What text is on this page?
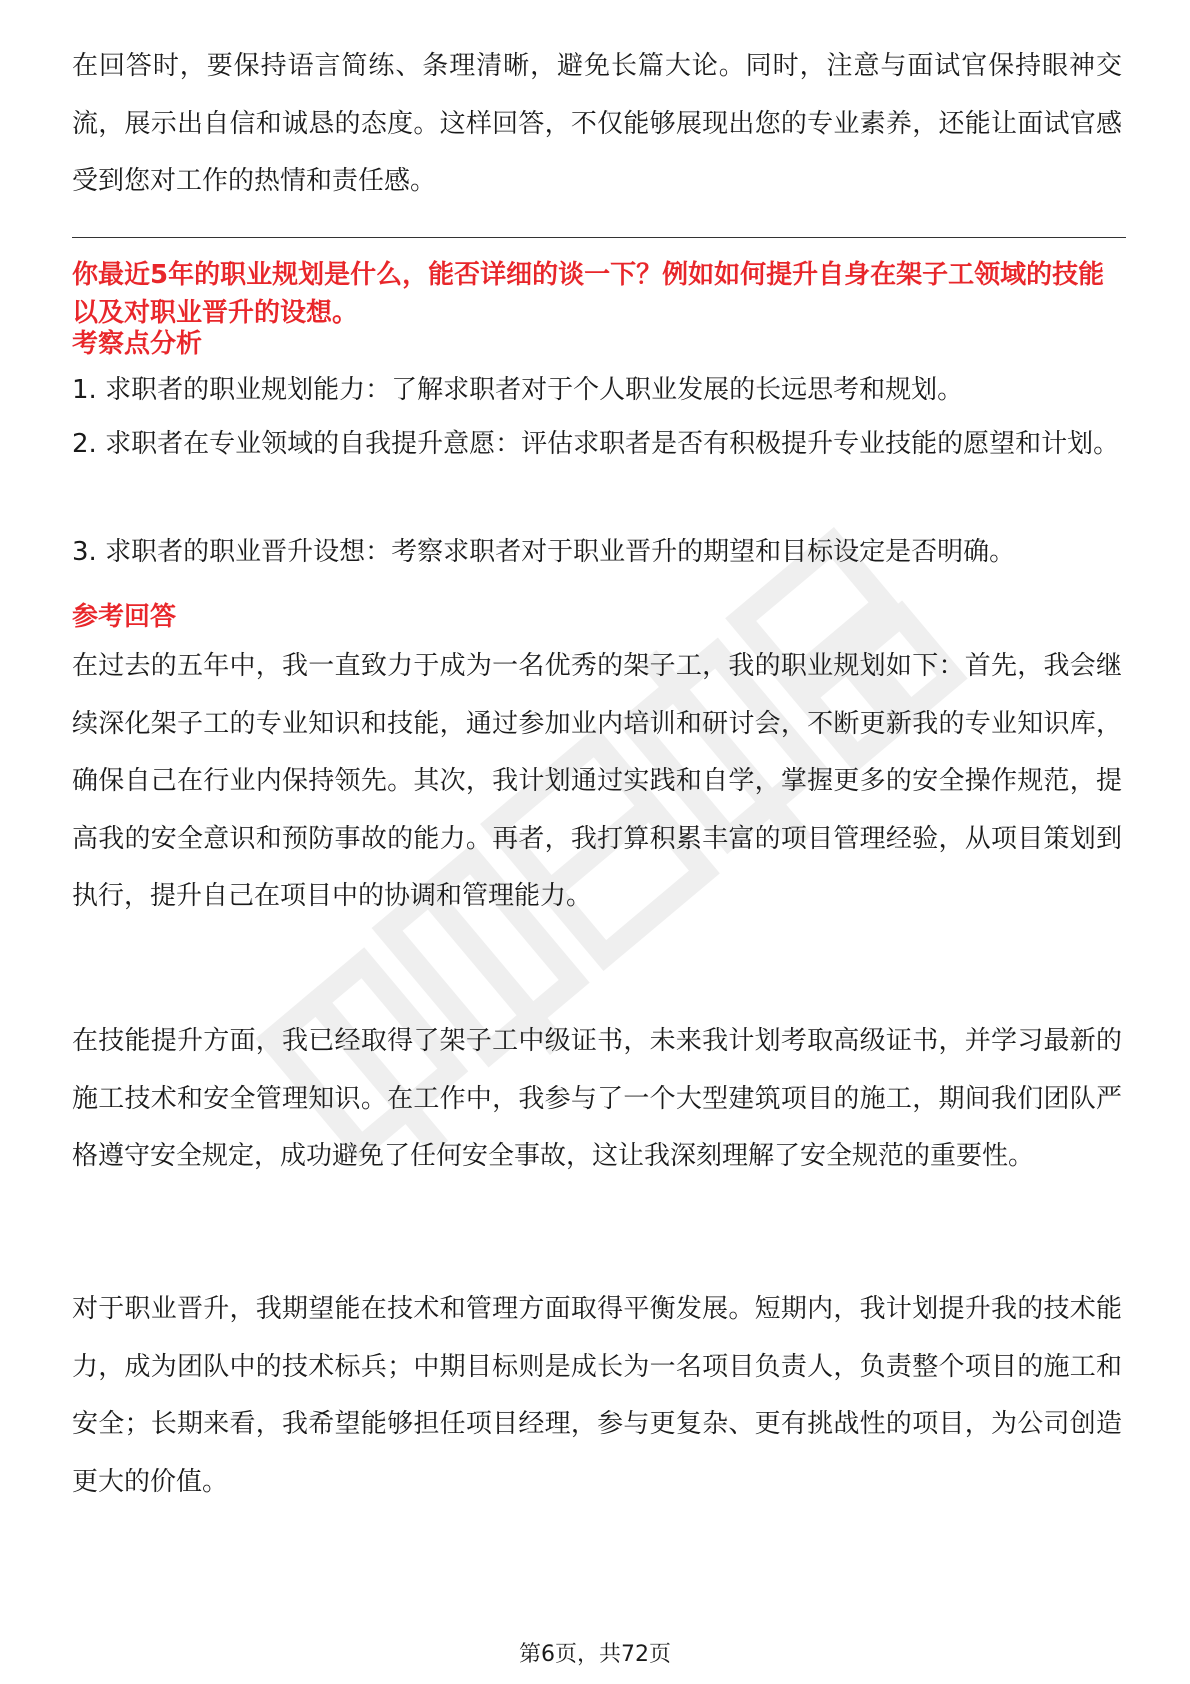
在回答时，要保持语言简练、条理清晰，避免长篇大论。同时，注意与面试官保持眼神交流，展示出自信和诚恳的态度。这样回答，不仅能够展现出您的专业素养，还能让面试官感受到您对工作的热情和责任感。

你最近5年的职业规划是什么，能否详细的谈一下？例如如何提升自身在架子工领域的技能以及对职业晋升的设想。

考察点分析

1. 求职者的职业规划能力：了解求职者对于个人职业发展的长远思考和规划。

2. 求职者在专业领域的自我提升意愿：评估求职者是否有积极提升专业技能的愿望和计划。

3. 求职者的职业晋升设想：考察求职者对于职业晋升的期望和目标设定是否明确。

参考回答

在过去的五年中，我一直致力于成为一名优秀的架子工，我的职业规划如下：首先，我会继续深化架子工的专业知识和技能，通过参加业内培训和研讨会，不断更新我的专业知识库，确保自己在行业内保持领先。其次，我计划通过实践和自学，掌握更多的安全操作规范，提高我的安全意识和预防事故的能力。再者，我打算积累丰富的项目管理经验，从项目策划到执行，提升自己在项目中的协调和管理能力。

在技能提升方面，我已经取得了架子工中级证书，未来我计划考取高级证书，并学习最新的施工技术和安全管理知识。在工作中，我参与了一个大型建筑项目的施工，期间我们团队严格遵守安全规定，成功避免了任何安全事故，这让我深刻理解了安全规范的重要性。

对于职业晋升，我期望能在技术和管理方面取得平衡发展。短期内，我计划提升我的技术能力，成为团队中的技术标兵；中期目标则是成长为一名项目负责人，负责整个项目的施工和安全；长期来看，我希望能够担任项目经理，参与更复杂、更有挑战性的项目，为公司创造更大的价值。

第6页，共72页
